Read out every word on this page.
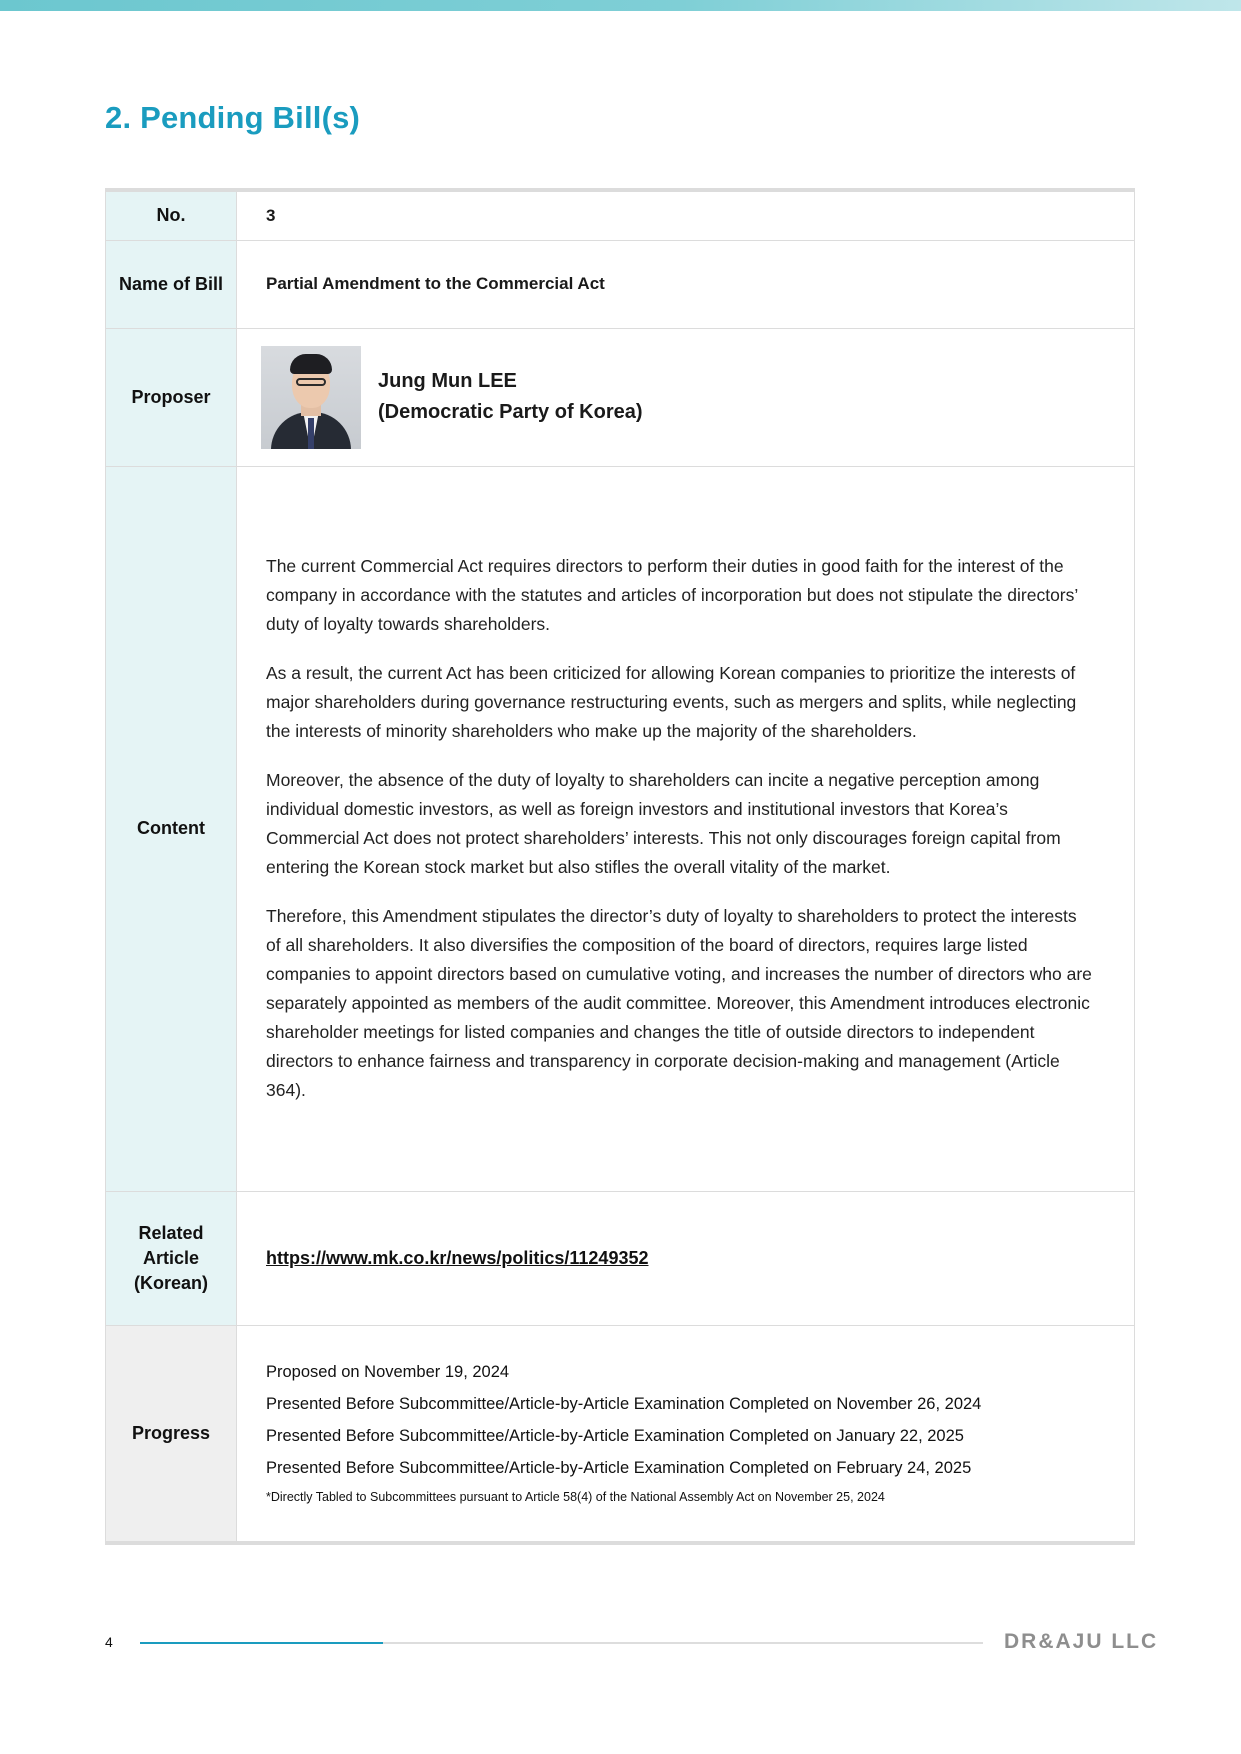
2. Pending Bill(s)
No.	3
Name of Bill	Partial Amendment to the Commercial Act
Proposer	Jung Mun LEE
(Democratic Party of Korea)

Content	The current Commercial Act requires directors to perform their duties in good faith for the interest of the company in accordance with the statutes and articles of incorporation but does not stipulate the directors’ duty of loyalty towards shareholders.

As a result, the current Act has been criticized for allowing Korean companies to prioritize the interests of major shareholders during governance restructuring events, such as mergers and splits, while neglecting the interests of minority shareholders who make up the majority of the shareholders.

Moreover, the absence of the duty of loyalty to shareholders can incite a negative perception among individual domestic investors, as well as foreign investors and institutional investors that Korea’s Commercial Act does not protect shareholders’ interests. This not only discourages foreign capital from entering the Korean stock market but also stifles the overall vitality of the market.

Therefore, this Amendment stipulates the director’s duty of loyalty to shareholders to protect the interests of all shareholders. It also diversifies the composition of the board of directors, requires large listed companies to appoint directors based on cumulative voting, and increases the number of directors who are separately appointed as members of the audit committee. Moreover, this Amendment introduces electronic shareholder meetings for listed companies and changes the title of outside directors to independent directors to enhance fairness and transparency in corporate decision-making and management (Article 364).

Related Article (Korean)	https://www.mk.co.kr/news/politics/11249352
Progress	Proposed on November 19, 2024
Presented Before Subcommittee/Article-by-Article Examination Completed on November 26, 2024
Presented Before Subcommittee/Article-by-Article Examination Completed on January 22, 2025
Presented Before Subcommittee/Article-by-Article Examination Completed on February 24, 2025
*Directly Tabled to Subcommittees pursuant to Article 58(4) of the National Assembly Act on November 25, 2024
4	DR&AJU LLC
